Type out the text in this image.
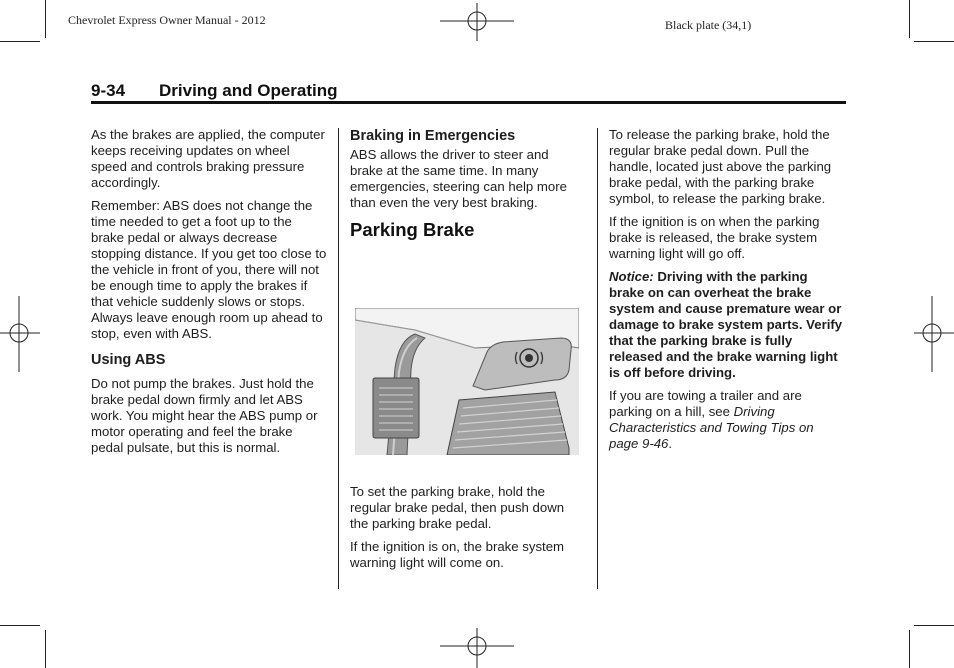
Chevrolet Express Owner Manual - 2012	Black plate (34,1)
9-34 Driving and Operating

As the brakes are applied, the computer keeps receiving updates on wheel speed and controls braking pressure accordingly.

Remember: ABS does not change the time needed to get a foot up to the brake pedal or always decrease stopping distance. If you get too close to the vehicle in front of you, there will not be enough time to apply the brakes if that vehicle suddenly slows or stops. Always leave enough room up ahead to stop, even with ABS.

Using ABS

Do not pump the brakes. Just hold the brake pedal down firmly and let ABS work. You might hear the ABS pump or motor operating and feel the brake pedal pulsate, but this is normal.

Braking in Emergencies

ABS allows the driver to steer and brake at the same time. In many emergencies, steering can help more than even the very best braking.

Parking Brake

To set the parking brake, hold the regular brake pedal, then push down the parking brake pedal.

If the ignition is on, the brake system warning light will come on.

To release the parking brake, hold the regular brake pedal down. Pull the handle, located just above the parking brake pedal, with the parking brake symbol, to release the parking brake.

If the ignition is on when the parking brake is released, the brake system warning light will go off.

Notice: Driving with the parking brake on can overheat the brake system and cause premature wear or damage to brake system parts. Verify that the parking brake is fully released and the brake warning light is off before driving.

If you are towing a trailer and are parking on a hill, see Driving Characteristics and Towing Tips on page 9-46.
